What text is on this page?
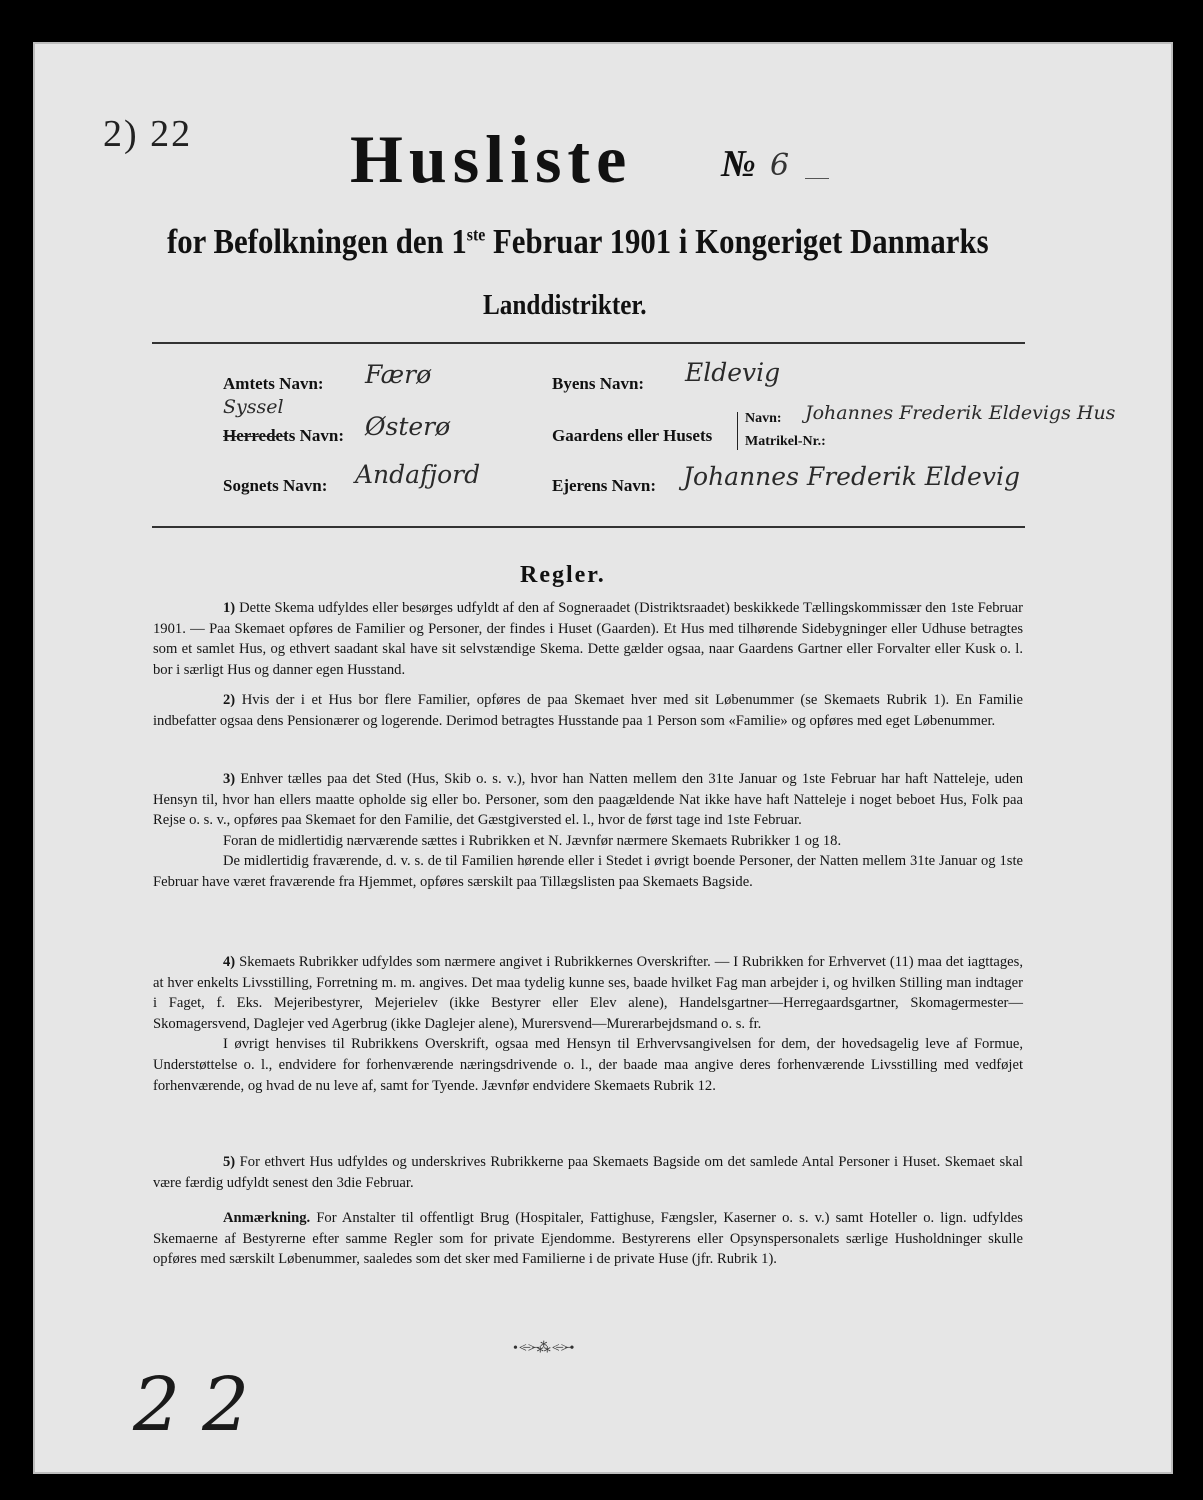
2) 22 Husliste № 6
for Befolkningen den 1ste Februar 1901 i Kongeriget Danmarks
Landdistrikter.
Amtets Navn: Færø
Syssel
Herredets Navn: Østerø
Sognets Navn: Andafjord
Byens Navn: Eldevig
Gaardens eller Husets
Navn: Johannes Frederik Eldevigs Hus
Matrikel-Nr.:
Ejerens Navn: Johannes Frederik Eldevig
Regler.

1) Dette Skema udfyldes eller besørges udfyldt af den af Sogneraadet (Distriktsraadet) beskikkede Tællingskommissær den 1ste Februar 1901. — Paa Skemaet opføres de Familier og Personer, der findes i Huset (Gaarden). Et Hus med tilhørende Sidebygninger eller Udhuse betragtes som et samlet Hus, og ethvert saadant skal have sit selvstændige Skema. Dette gælder ogsaa, naar Gaardens Gartner eller Forvalter eller Kusk o. l. bor i særligt Hus og danner egen Husstand.

2) Hvis der i et Hus bor flere Familier, opføres de paa Skemaet hver med sit Løbenummer (se Skemaets Rubrik 1). En Familie indbefatter ogsaa dens Pensionærer og logerende. Derimod betragtes Husstande paa 1 Person som «Familie» og opføres med eget Løbenummer.

3) Enhver tælles paa det Sted (Hus, Skib o. s. v.), hvor han Natten mellem den 31te Januar og 1ste Februar har haft Natteleje, uden Hensyn til, hvor han ellers maatte opholde sig eller bo. Personer, som den paagældende Nat ikke have haft Natteleje i noget beboet Hus, Folk paa Rejse o. s. v., opføres paa Skemaet for den Familie, det Gæstgiversted el. l., hvor de først tage ind 1ste Februar.

Foran de midlertidig nærværende sættes i Rubrikken et N. Jævnfør nærmere Skemaets Rubrikker 1 og 18.

De midlertidig fraværende, d. v. s. de til Familien hørende eller i Stedet i øvrigt boende Personer, der Natten mellem 31te Januar og 1ste Februar have været fraværende fra Hjemmet, opføres særskilt paa Tillægslisten paa Skemaets Bagside.

4) Skemaets Rubrikker udfyldes som nærmere angivet i Rubrikkernes Overskrifter. — I Rubrikken for Erhvervet (11) maa det iagttages, at hver enkelts Livsstilling, Forretning m. m. angives. Det maa tydelig kunne ses, baade hvilket Fag man arbejder i, og hvilken Stilling man indtager i Faget, f. Eks. Mejeribestyrer, Mejerielev (ikke Bestyrer eller Elev alene), Handelsgartner—Herregaardsgartner, Skomagermester—Skomagersvend, Daglejer ved Agerbrug (ikke Daglejer alene), Murersvend—Murerarbejdsmand o. s. fr.

I øvrigt henvises til Rubrikkens Overskrift, ogsaa med Hensyn til Erhvervsangivelsen for dem, der hovedsagelig leve af Formue, Understøttelse o. l., endvidere for forhenværende næringsdrivende o. l., der baade maa angive deres forhenværende Livsstilling med vedføjet forhenværende, og hvad de nu leve af, samt for Tyende. Jævnfør endvidere Skemaets Rubrik 12.

5) For ethvert Hus udfyldes og underskrives Rubrikkerne paa Skemaets Bagside om det samlede Antal Personer i Huset. Skemaet skal være færdig udfyldt senest den 3die Februar.

Anmærkning. For Anstalter til offentligt Brug (Hospitaler, Fattighuse, Fængsler, Kaserner o. s. v.) samt Hoteller o. lign. udfyldes Skemaerne af Bestyrerne efter samme Regler som for private Ejendomme. Bestyrerens eller Opsynspersonalets særlige Husholdninger skulle opføres med særskilt Løbenummer, saaledes som det sker med Familierne i de private Huse (jfr. Rubrik 1).

•<̶>̶⁂<̶>̶•
22
